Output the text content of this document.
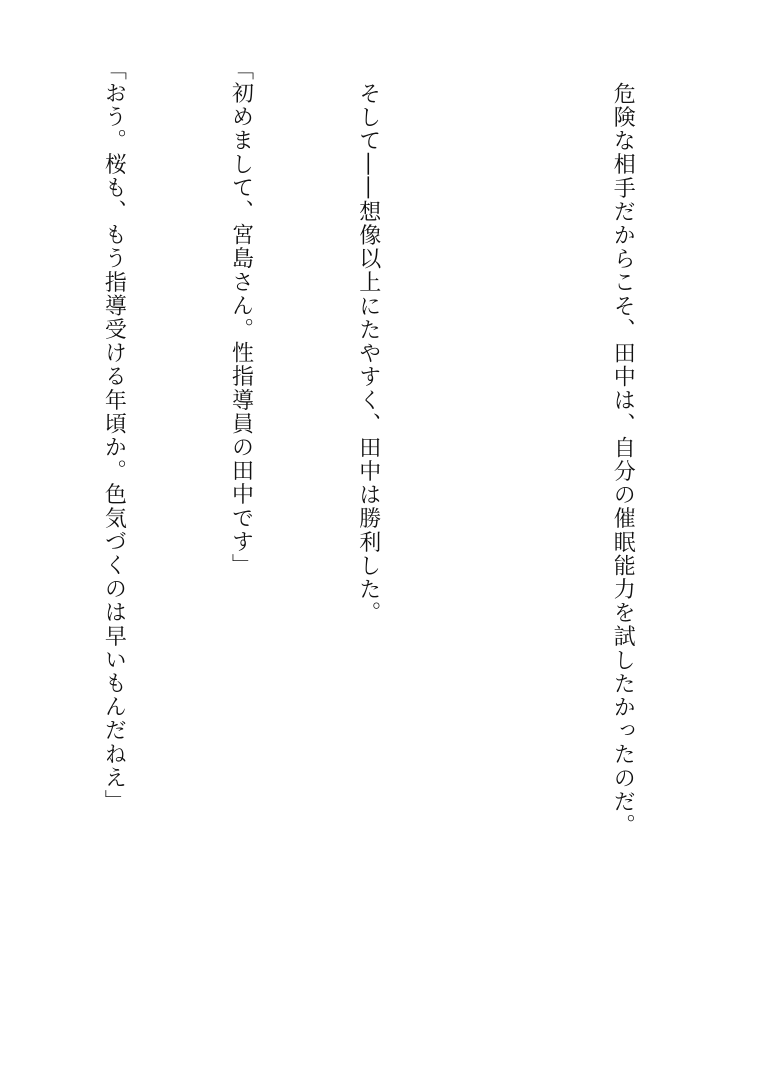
危険な相手だからこそ、田中は、自分の催眠能力を試したかったのだ。

そして――想像以上にたやすく、田中は勝利した。

「初めまして、宮島さん。性指導員の田中です」

「おう。桜も、もう指導受ける年頃か。色気づくのは早いもんだねえ」
